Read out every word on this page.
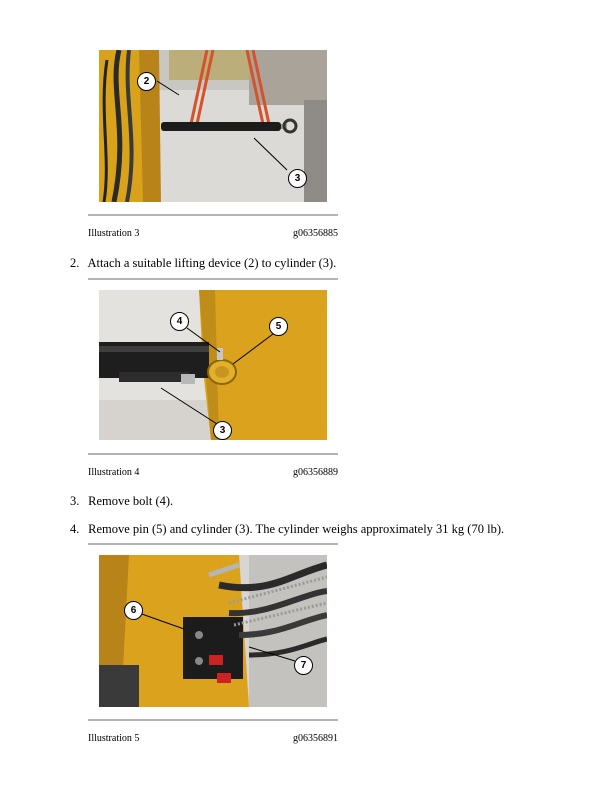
2
3
Illustration 3	g06356885
2. Attach a suitable lifting device (2) to cylinder (3).
4	5
3
Illustration 4	g06356889
3. Remove bolt (4).
4. Remove pin (5) and cylinder (3). The cylinder weighs approximately 31 kg (70 lb).
6
7
Illustration 5	g06356891
